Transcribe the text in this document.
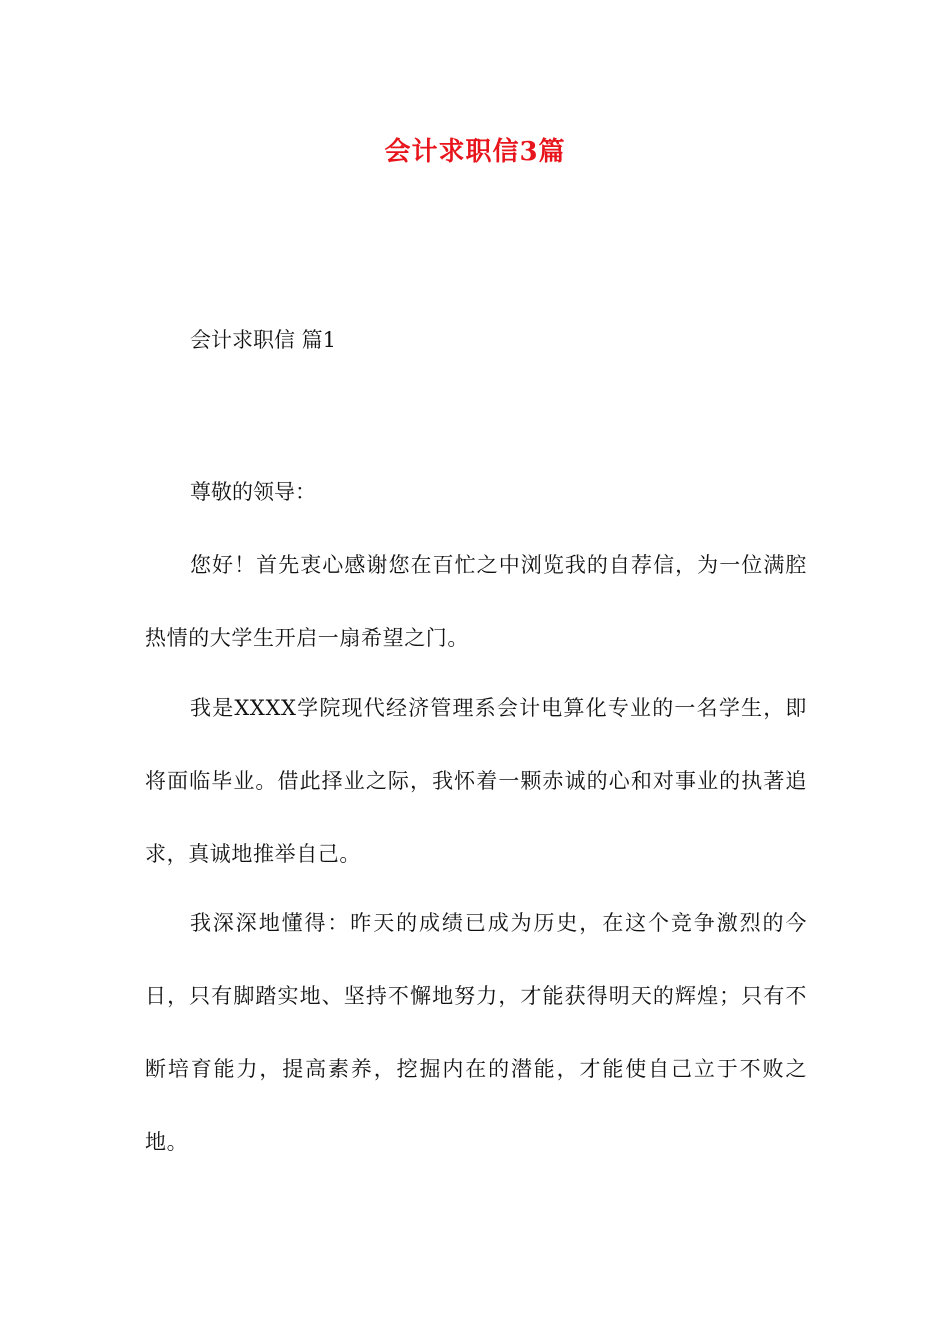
会计求职信3篇
会计求职信 篇1
尊敬的领导：

您好！首先衷心感谢您在百忙之中浏览我的自荐信，为一位满腔热情的大学生开启一扇希望之门。

我是XXXX学院现代经济管理系会计电算化专业的一名学生，即将面临毕业。借此择业之际，我怀着一颗赤诚的心和对事业的执著追求，真诚地推举自己。

我深深地懂得：昨天的成绩已成为历史，在这个竞争激烈的今日，只有脚踏实地、坚持不懈地努力，才能获得明天的辉煌；只有不断培育能力，提高素养，挖掘内在的潜能，才能使自己立于不败之地。
